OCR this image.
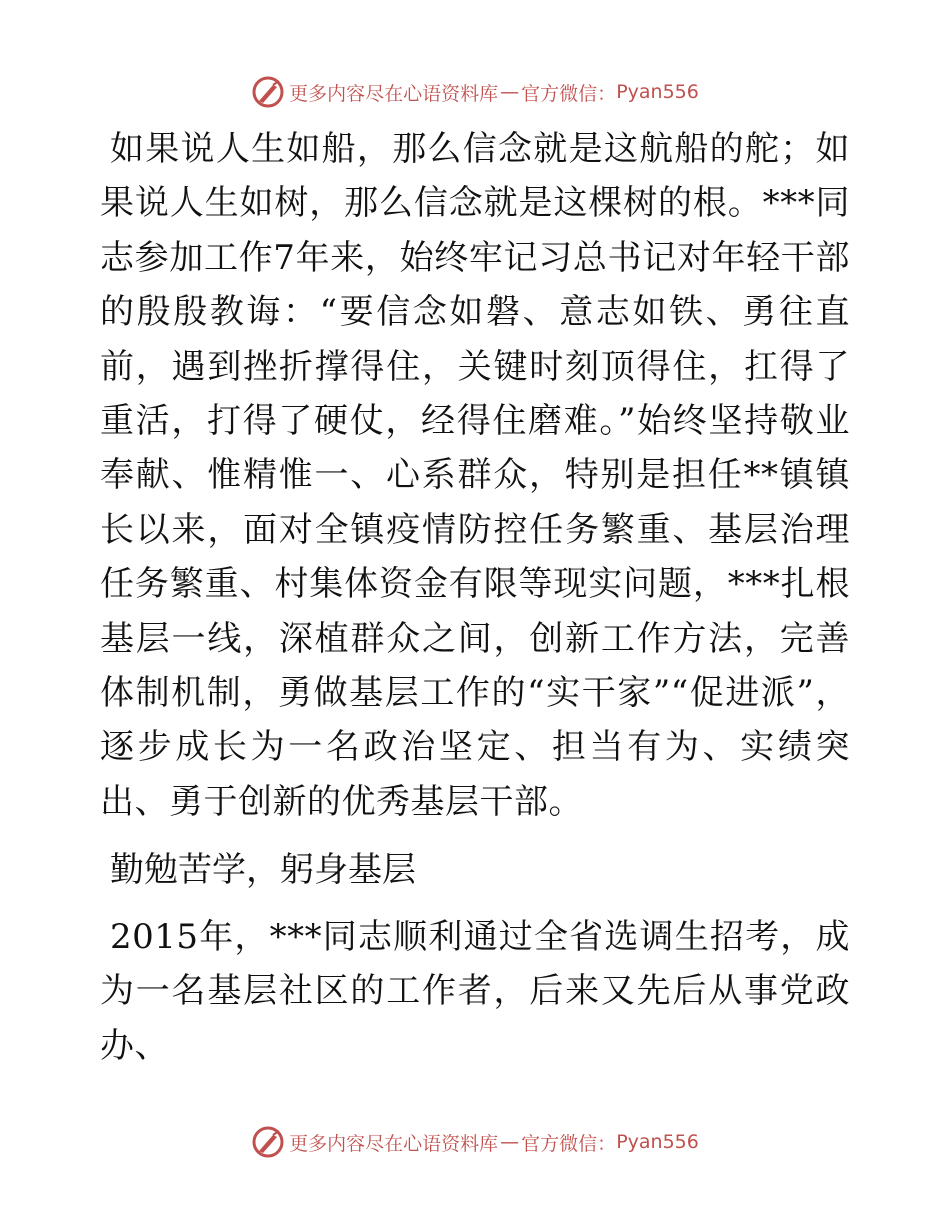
更多内容尽在心语资料库 — 官方微信： Pyan556

如果说人生如船，那么信念就是这航船的舵；如果说人生如树，那么信念就是这棵树的根。***同志参加工作7年来，始终牢记习总书记对年轻干部的殷殷教诲：“要信念如磐、意志如铁、勇往直前，遇到挫折撑得住，关键时刻顶得住，扛得了重活，打得了硬仗，经得住磨难。”始终坚持敬业奉献、惟精惟一、心系群众，特别是担任**镇镇长以来，面对全镇疫情防控任务繁重、基层治理任务繁重、村集体资金有限等现实问题，***扎根基层一线，深植群众之间，创新工作方法，完善体制机制，勇做基层工作的“实干家”“促进派”，逐步成长为一名政治坚定、担当有为、实绩突出、勇于创新的优秀基层干部。

勤勉苦学，躬身基层

2015年，***同志顺利通过全省选调生招考，成为一名基层社区的工作者，后来又先后从事党政办、

更多内容尽在心语资料库 — 官方微信： Pyan556
